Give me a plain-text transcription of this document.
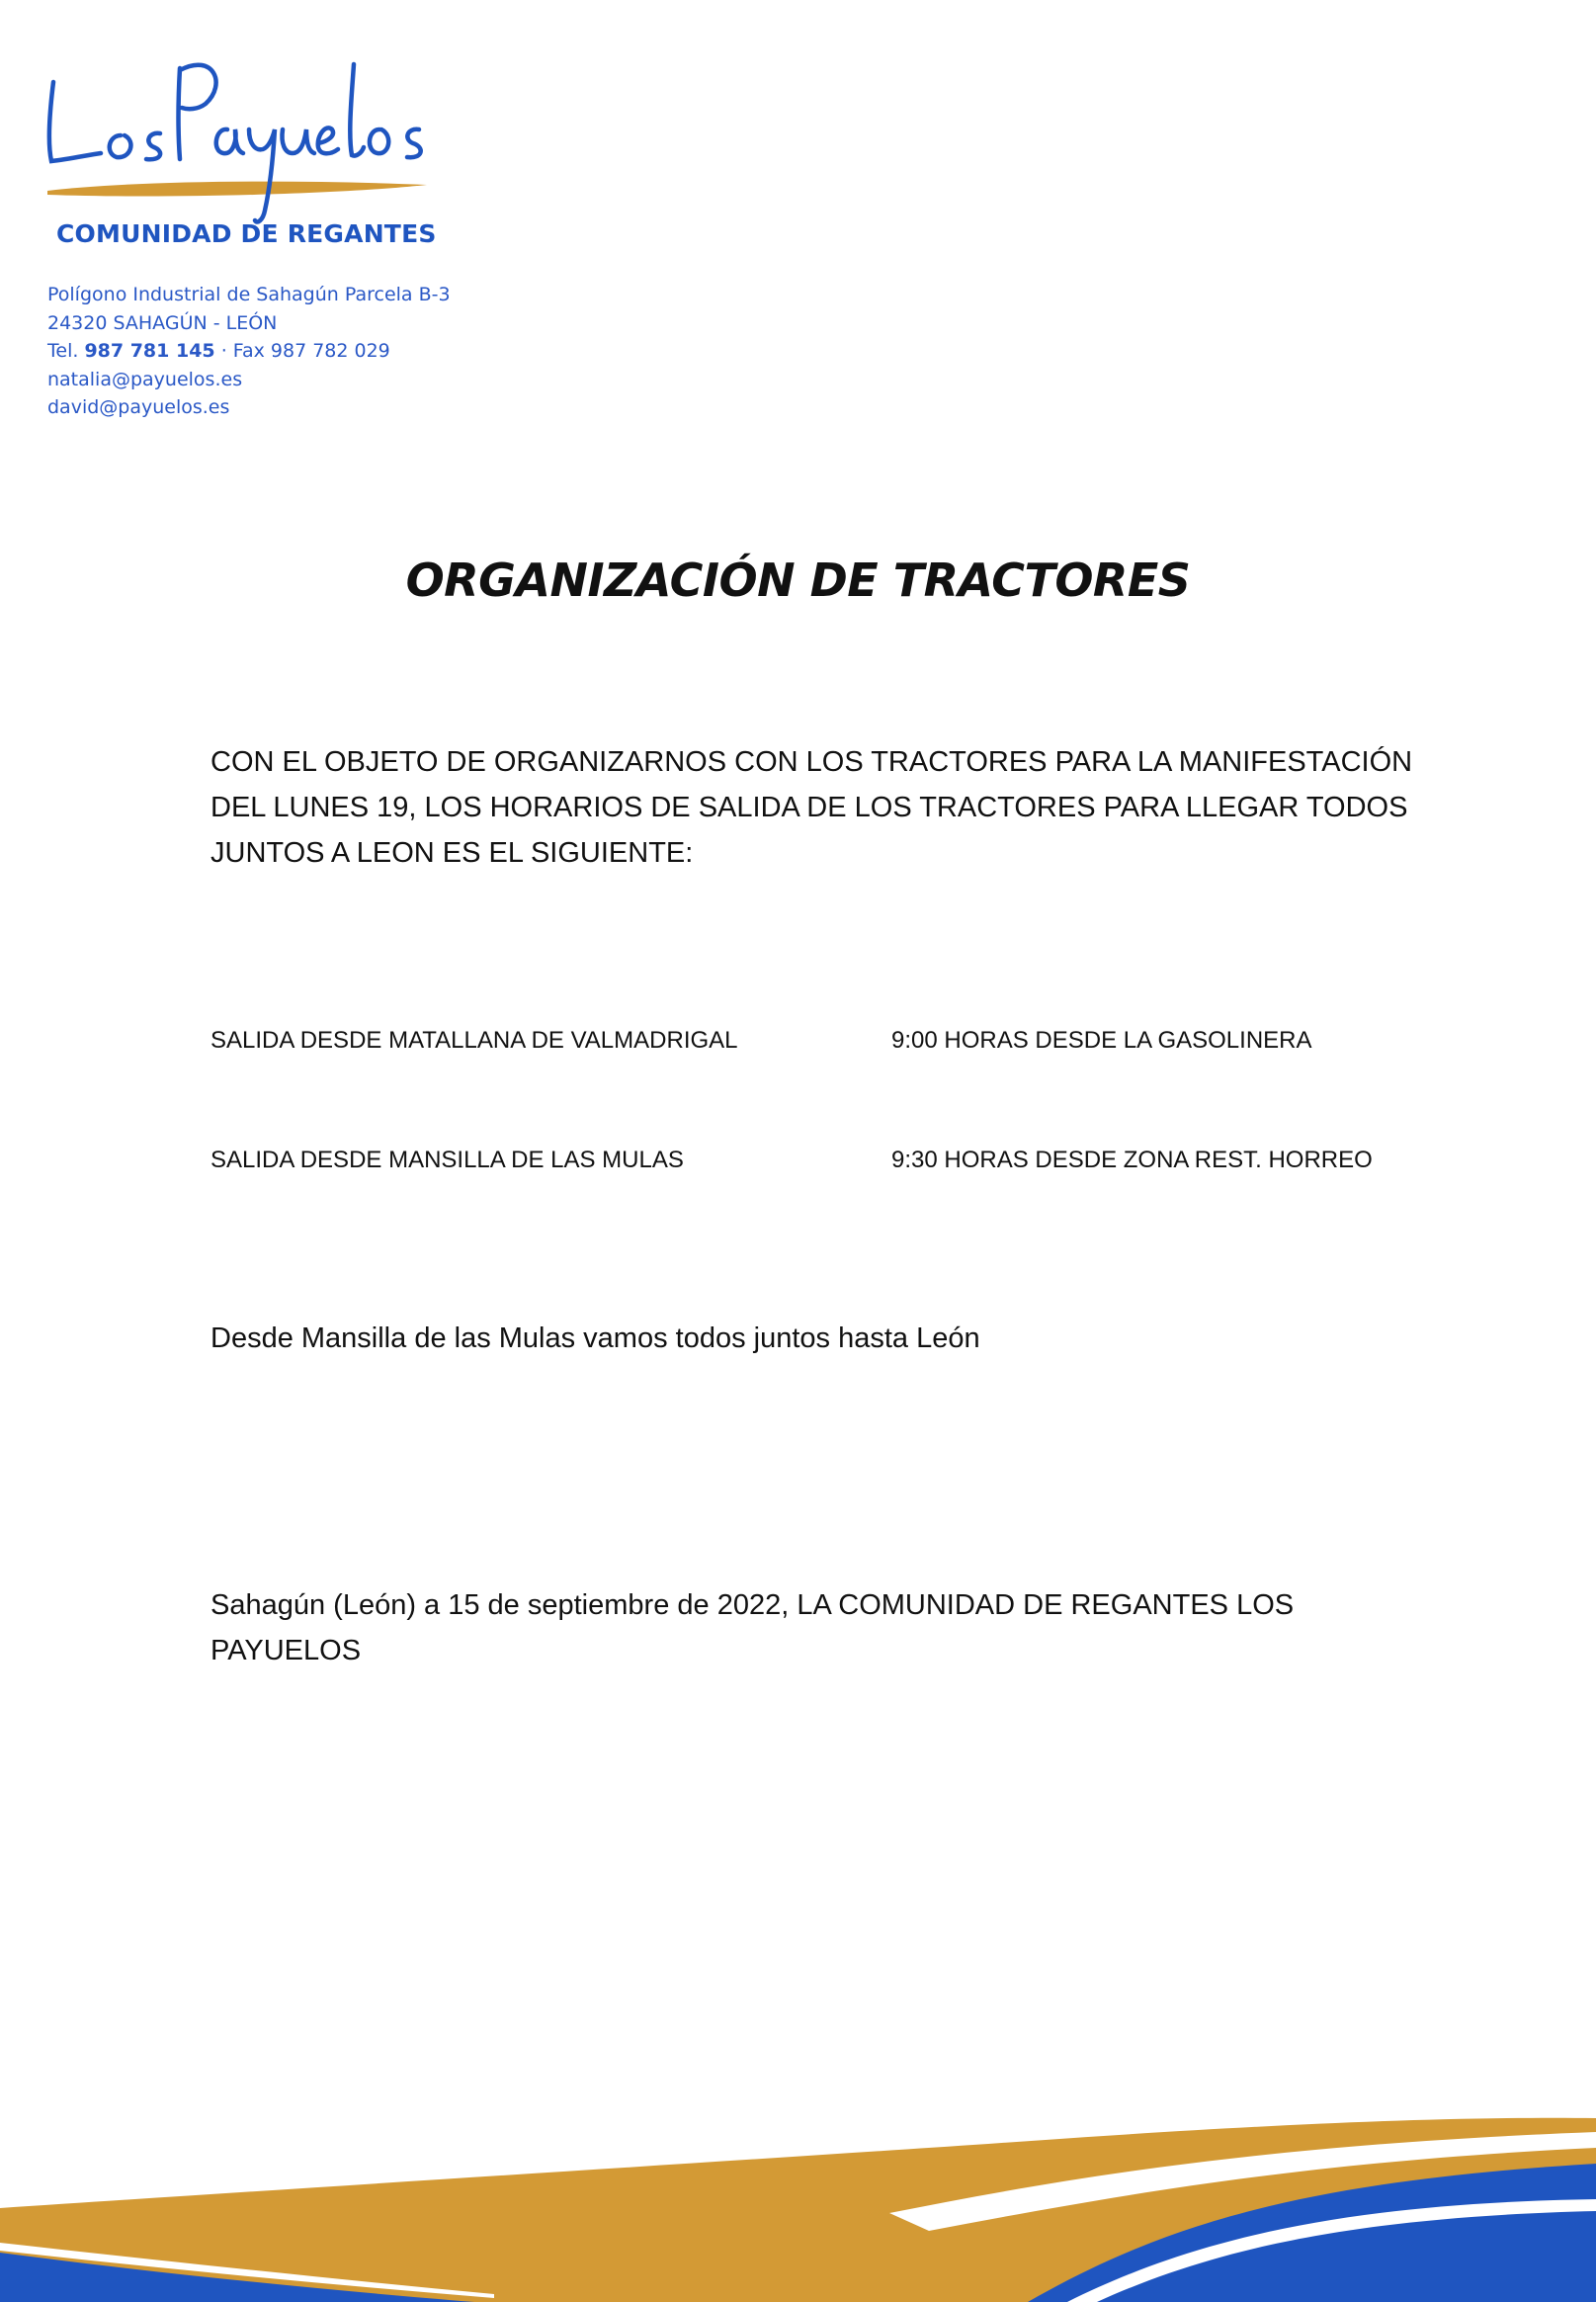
COMUNIDAD DE REGANTES
Polígono Industrial de Sahagún Parcela B-3
24320 SAHAGÚN - LEÓN
Tel. 987 781 145 · Fax 987 782 029
natalia@payuelos.es
david@payuelos.es
ORGANIZACIÓN DE TRACTORES

CON EL OBJETO DE ORGANIZARNOS CON LOS TRACTORES PARA LA MANIFESTACIÓN
DEL LUNES 19, LOS HORARIOS DE SALIDA DE LOS TRACTORES PARA LLEGAR TODOS
JUNTOS A LEON ES EL SIGUIENTE:

SALIDA DESDE MATALLANA DE VALMADRIGAL	9:00 HORAS DESDE LA GASOLINERA
SALIDA DESDE MANSILLA DE LAS MULAS	9:30 HORAS DESDE ZONA REST. HORREO
Desde Mansilla de las Mulas vamos todos juntos hasta León
Sahagún (León) a 15 de septiembre de 2022, LA COMUNIDAD DE REGANTES LOS
PAYUELOS
